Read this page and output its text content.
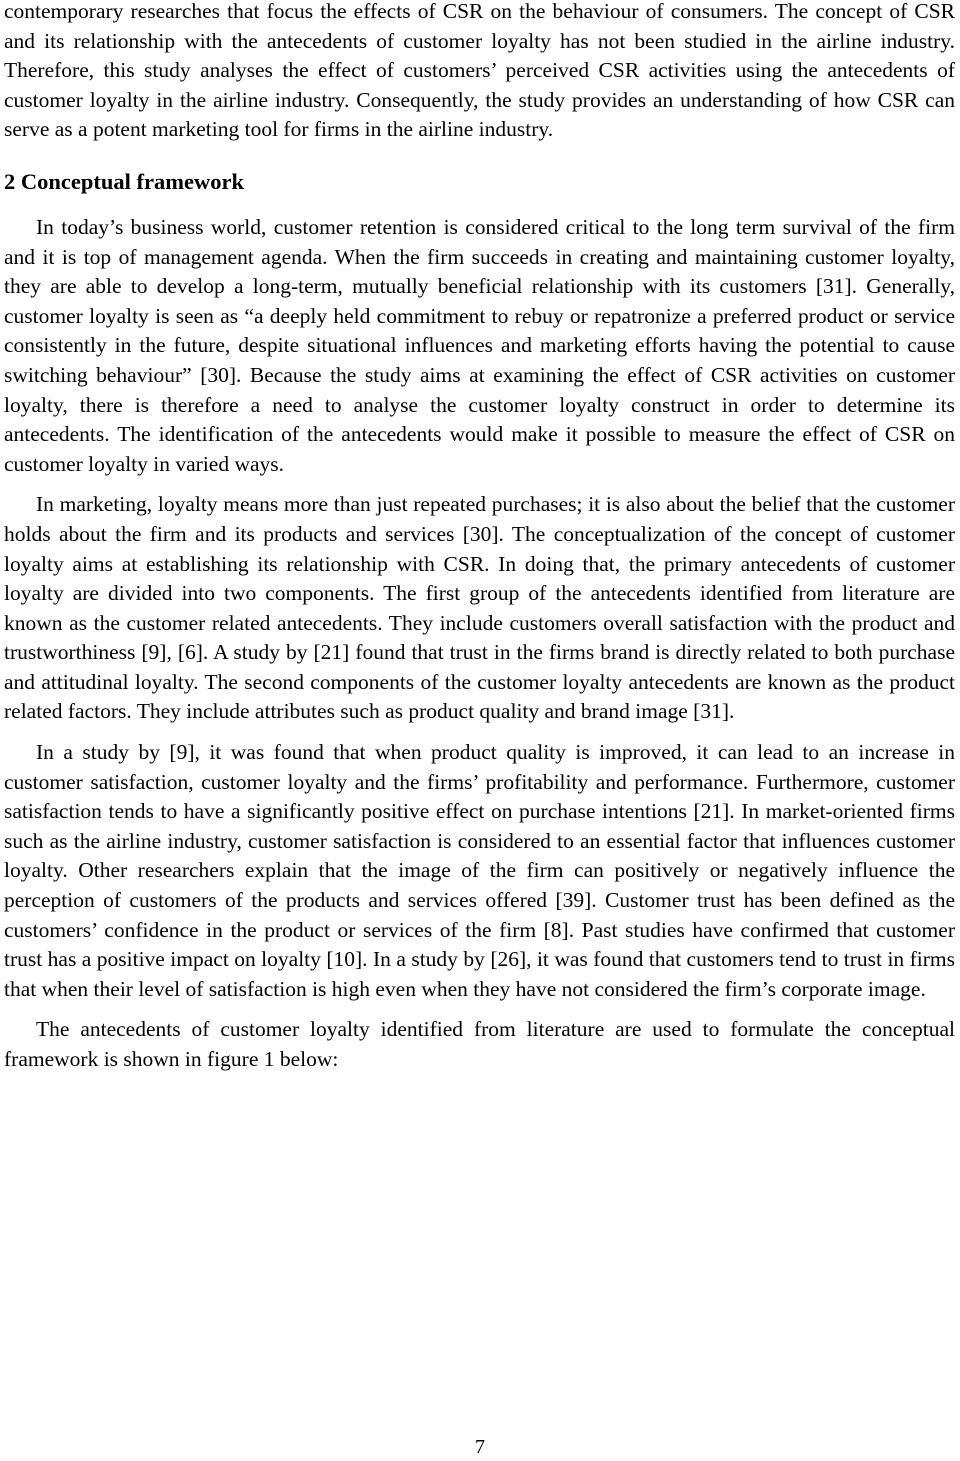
contemporary researches that focus the effects of CSR on the behaviour of consumers. The concept of CSR and its relationship with the antecedents of customer loyalty has not been studied in the airline industry. Therefore, this study analyses the effect of customers’ perceived CSR activities using the antecedents of customer loyalty in the airline industry. Consequently, the study provides an understanding of how CSR can serve as a potent marketing tool for firms in the airline industry.

2 Conceptual framework

In today’s business world, customer retention is considered critical to the long term survival of the firm and it is top of management agenda. When the firm succeeds in creating and maintaining customer loyalty, they are able to develop a long-term, mutually beneficial relationship with its customers [31]. Generally, customer loyalty is seen as “a deeply held commitment to rebuy or repatronize a preferred product or service consistently in the future, despite situational influences and marketing efforts having the potential to cause switching behaviour” [30]. Because the study aims at examining the effect of CSR activities on customer loyalty, there is therefore a need to analyse the customer loyalty construct in order to determine its antecedents. The identification of the antecedents would make it possible to measure the effect of CSR on customer loyalty in varied ways.

In marketing, loyalty means more than just repeated purchases; it is also about the belief that the customer holds about the firm and its products and services [30]. The conceptualization of the concept of customer loyalty aims at establishing its relationship with CSR. In doing that, the primary antecedents of customer loyalty are divided into two components. The first group of the antecedents identified from literature are known as the customer related antecedents. They include customers overall satisfaction with the product and trustworthiness [9], [6]. A study by [21] found that trust in the firms brand is directly related to both purchase and attitudinal loyalty. The second components of the customer loyalty antecedents are known as the product related factors. They include attributes such as product quality and brand image [31].

In a study by [9], it was found that when product quality is improved, it can lead to an increase in customer satisfaction, customer loyalty and the firms’ profitability and performance. Furthermore, customer satisfaction tends to have a significantly positive effect on purchase intentions [21]. In market-oriented firms such as the airline industry, customer satisfaction is considered to an essential factor that influences customer loyalty. Other researchers explain that the image of the firm can positively or negatively influence the perception of customers of the products and services offered [39]. Customer trust has been defined as the customers’ confidence in the product or services of the firm [8]. Past studies have confirmed that customer trust has a positive impact on loyalty [10]. In a study by [26], it was found that customers tend to trust in firms that when their level of satisfaction is high even when they have not considered the firm’s corporate image.

The antecedents of customer loyalty identified from literature are used to formulate the conceptual framework is shown in figure 1 below:

7
